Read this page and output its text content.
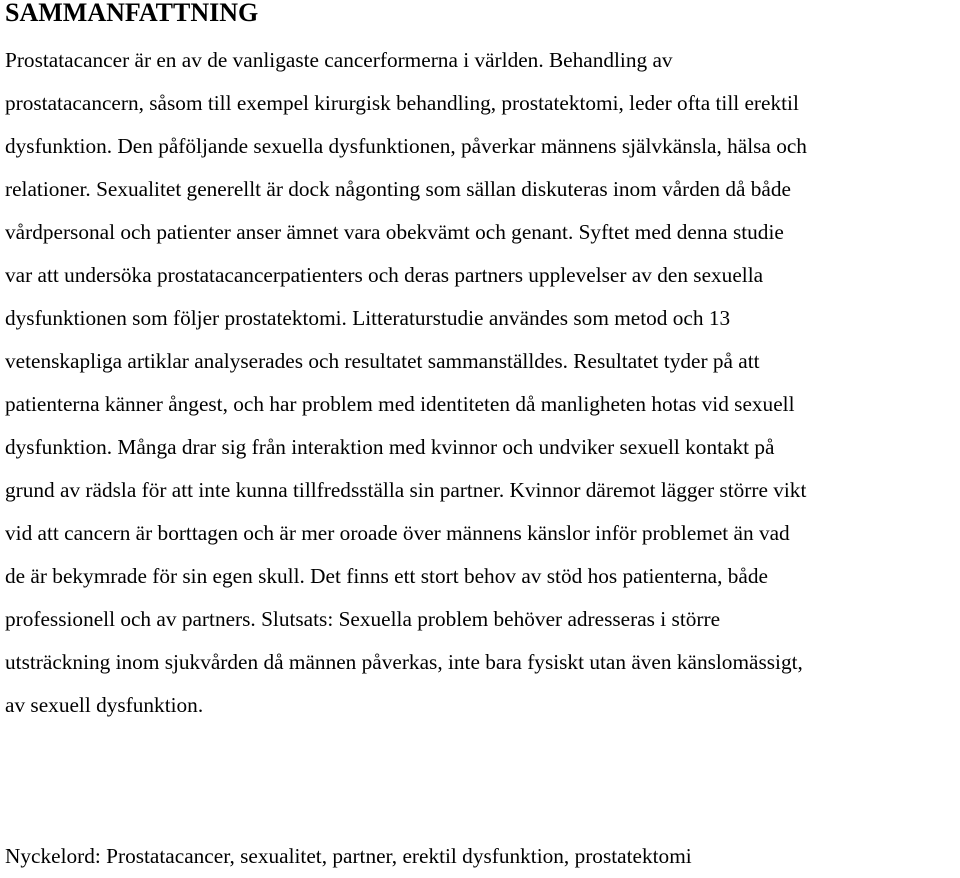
SAMMANFATTNING

Prostatacancer är en av de vanligaste cancerformerna i världen. Behandling av
prostatacancern, såsom till exempel kirurgisk behandling, prostatektomi, leder ofta till erektil
dysfunktion. Den påföljande sexuella dysfunktionen, påverkar männens självkänsla, hälsa och
relationer. Sexualitet generellt är dock någonting som sällan diskuteras inom vården då både
vårdpersonal och patienter anser ämnet vara obekvämt och genant. Syftet med denna studie
var att undersöka prostatacancerpatienters och deras partners upplevelser av den sexuella
dysfunktionen som följer prostatektomi. Litteraturstudie användes som metod och 13
vetenskapliga artiklar analyserades och resultatet sammanställdes. Resultatet tyder på att
patienterna känner ångest, och har problem med identiteten då manligheten hotas vid sexuell
dysfunktion. Många drar sig från interaktion med kvinnor och undviker sexuell kontakt på
grund av rädsla för att inte kunna tillfredsställa sin partner. Kvinnor däremot lägger större vikt
vid att cancern är borttagen och är mer oroade över männens känslor inför problemet än vad
de är bekymrade för sin egen skull. Det finns ett stort behov av stöd hos patienterna, både
professionell och av partners. Slutsats: Sexuella problem behöver adresseras i större
utsträckning inom sjukvården då männen påverkas, inte bara fysiskt utan även känslomässigt,
av sexuell dysfunktion.

Nyckelord: Prostatacancer, sexualitet, partner, erektil dysfunktion, prostatektomi
